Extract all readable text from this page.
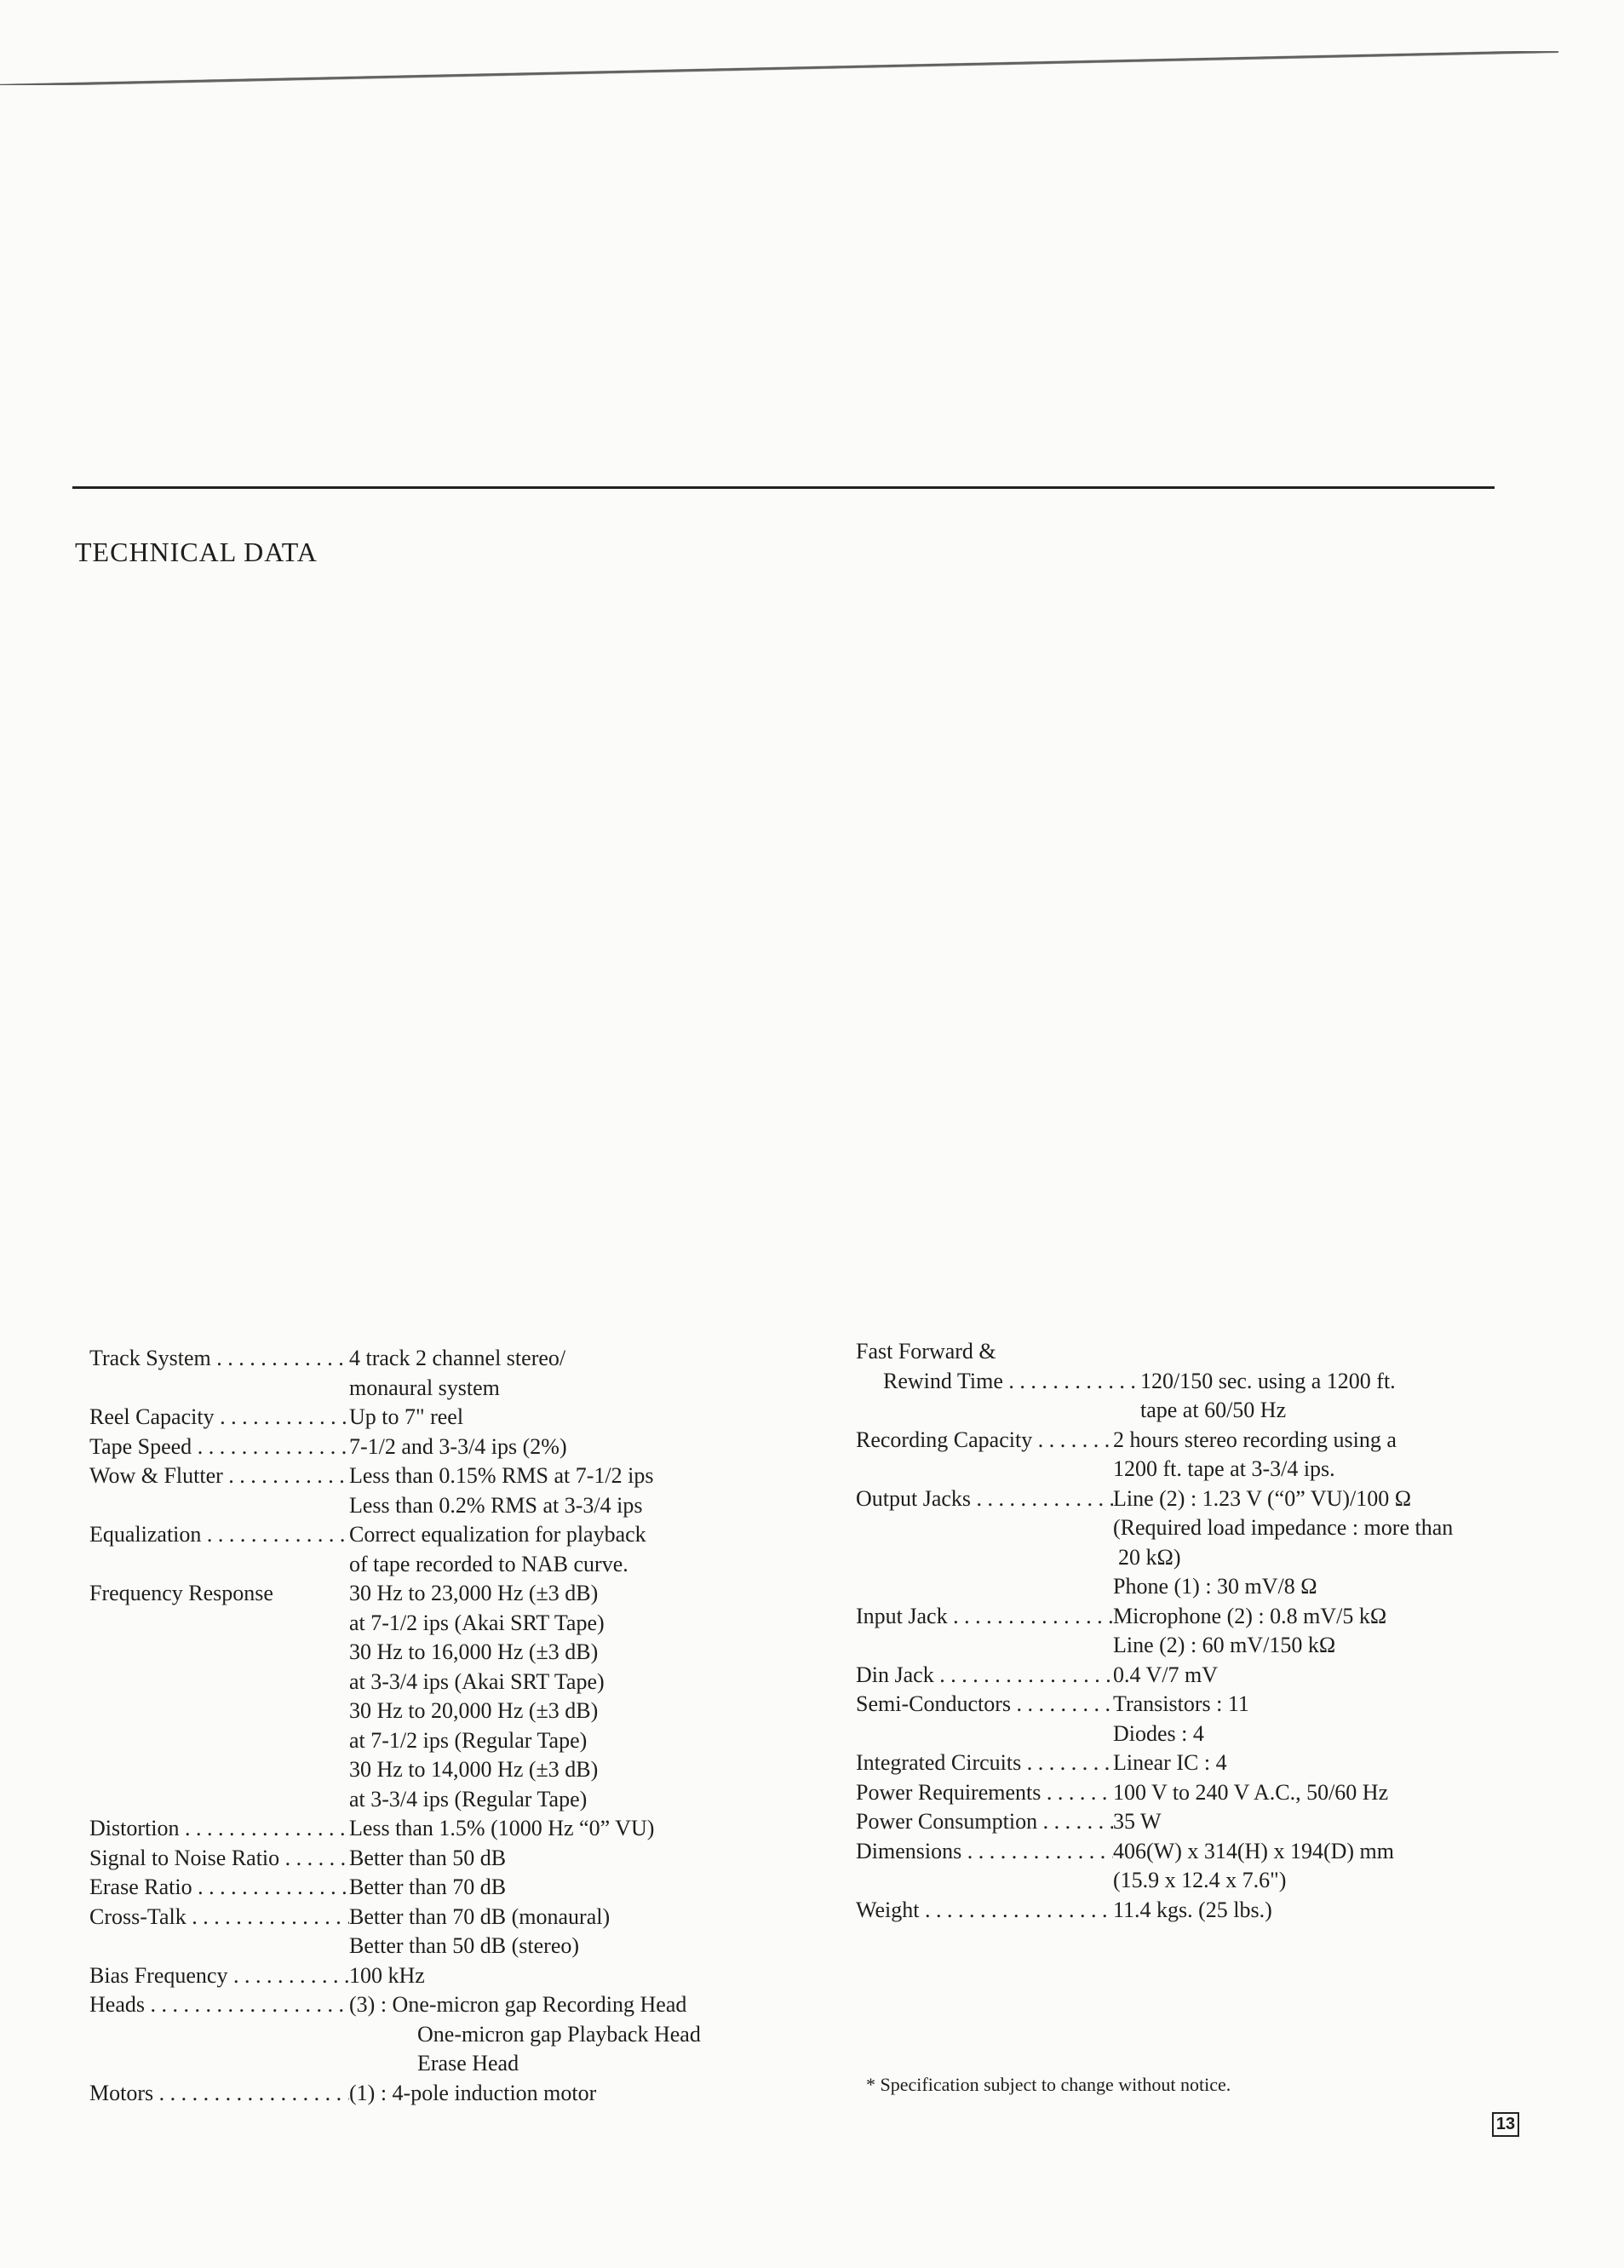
TECHNICAL DATA
Track System . . .	4 track 2 channel stereo/
monaural system
Reel Capacity . . .	Up to 7" reel
Tape Speed . . .	7-1/2 and 3-3/4 ips (2%)
Wow & Flutter . . .	Less than 0.15% RMS at 7-1/2 ips
Less than 0.2% RMS at 3-3/4 ips
Equalization . . .	Correct equalization for playback
of tape recorded to NAB curve.
Frequency Response	30 Hz to 23,000 Hz (±3 dB)
at 7-1/2 ips (Akai SRT Tape)
30 Hz to 16,000 Hz (±3 dB)
at 3-3/4 ips (Akai SRT Tape)
30 Hz to 20,000 Hz (±3 dB)
at 7-1/2 ips (Regular Tape)
30 Hz to 14,000 Hz (±3 dB)
at 3-3/4 ips (Regular Tape)
Distortion . . .	Less than 1.5% (1000 Hz “0” VU)
Signal to Noise Ratio . . .	Better than 50 dB
Erase Ratio . . .	Better than 70 dB
Cross-Talk . . .	Better than 70 dB (monaural)
Better than 50 dB (stereo)
Bias Frequency . . .	100 kHz
Heads . . .	(3) : One-micron gap Recording Head
One-micron gap Playback Head
Erase Head
Motors . . .	(1) : 4-pole induction motor
Fast Forward &
Rewind Time . . .	120/150 sec. using a 1200 ft.
tape at 60/50 Hz
Recording Capacity . . .	2 hours stereo recording using a
1200 ft. tape at 3-3/4 ips.
Output Jacks . . .	Line (2) : 1.23 V (“0” VU)/100 Ω
(Required load impedance : more than
20 kΩ)
Phone (1) : 30 mV/8 Ω
Input Jack . . .	Microphone (2) : 0.8 mV/5 kΩ
Line (2) : 60 mV/150 kΩ
Din Jack . . .	0.4 V/7 mV
Semi-Conductors . . .	Transistors : 11
Diodes : 4
Integrated Circuits . . .	Linear IC : 4
Power Requirements . . .	100 V to 240 V A.C., 50/60 Hz
Power Consumption . . .	35 W
Dimensions . . .	406(W) x 314(H) x 194(D) mm
(15.9 x 12.4 x 7.6")
Weight . . .	11.4 kgs. (25 lbs.)
* Specification subject to change without notice.
13
